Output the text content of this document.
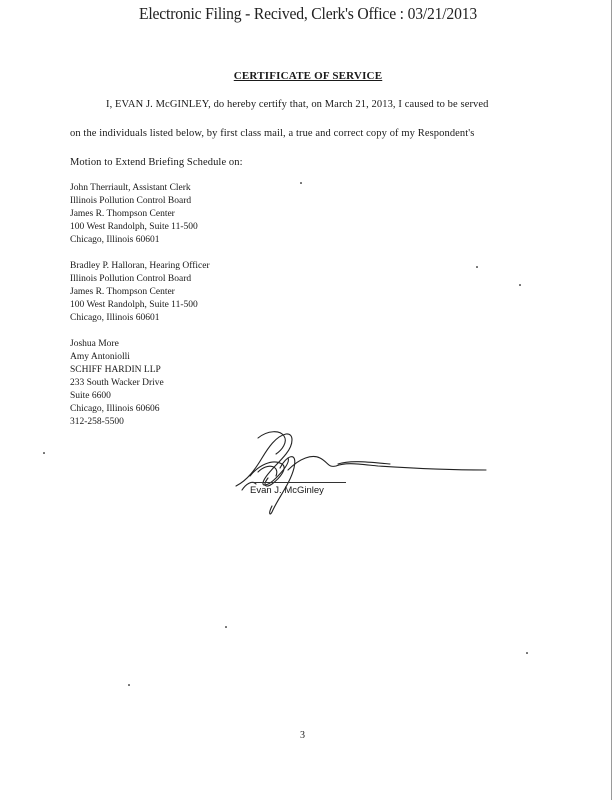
Electronic Filing - Recived, Clerk's Office : 03/21/2013
CERTIFICATE OF SERVICE
I, EVAN J. McGINLEY, do hereby certify that, on March 21, 2013, I caused to be served
on the individuals listed below, by first class mail, a true and correct copy of my Respondent's
Motion to Extend Briefing Schedule on:
John Therriault, Assistant Clerk
Illinois Pollution Control Board
James R. Thompson Center
100 West Randolph, Suite 11-500
Chicago, Illinois 60601
Bradley P. Halloran, Hearing Officer
Illinois Pollution Control Board
James R. Thompson Center
100 West Randolph, Suite 11-500
Chicago, Illinois 60601
Joshua More
Amy Antoniolli
SCHIFF HARDIN LLP
233 South Wacker Drive
Suite 6600
Chicago, Illinois 60606
312-258-5500
Evan J. McGinley
3
